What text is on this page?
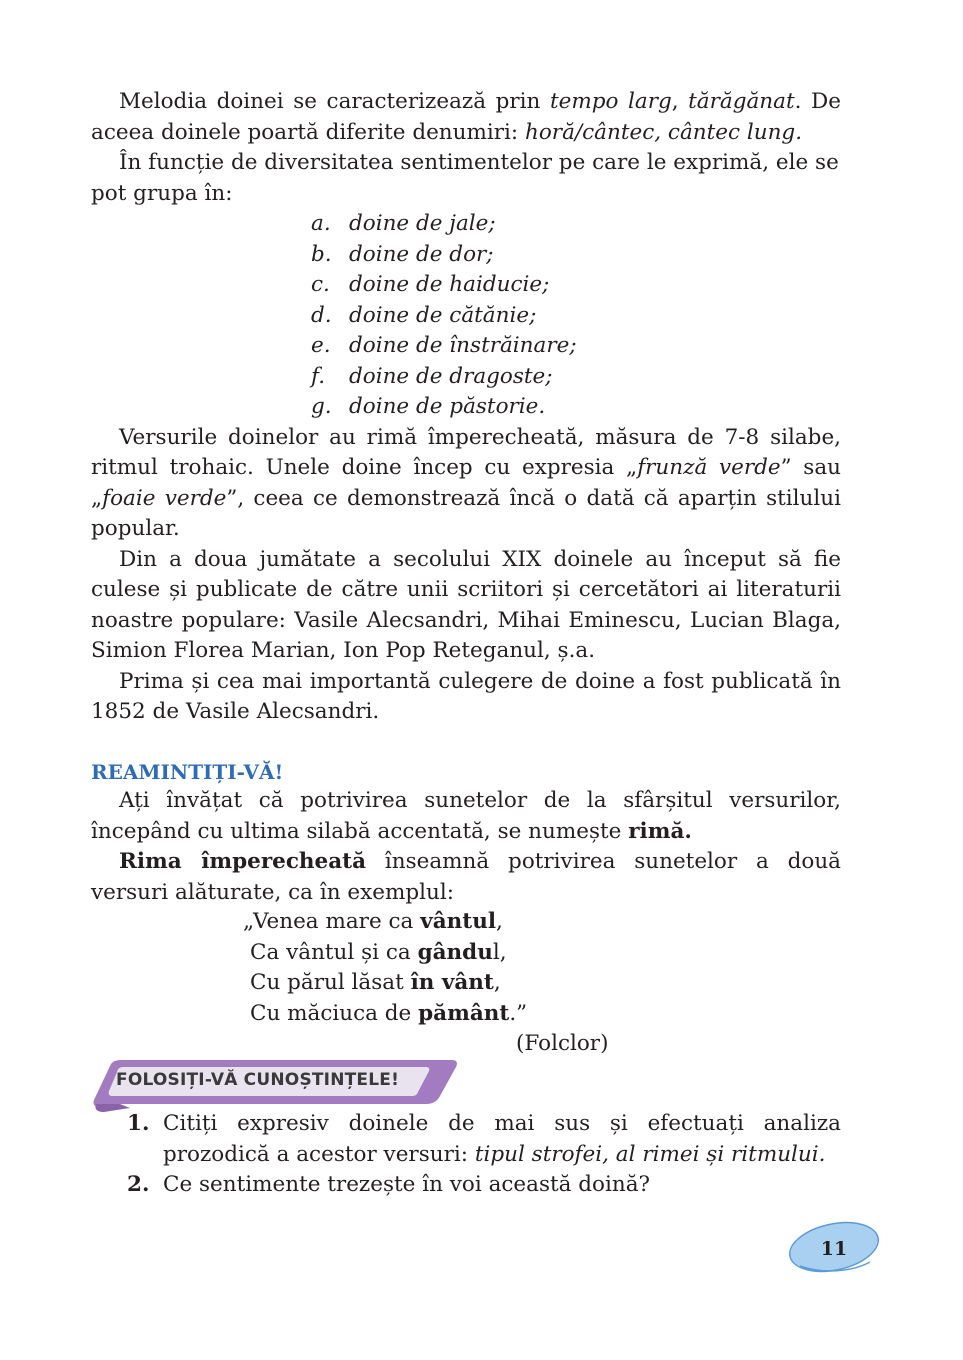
Melodia doinei se caracterizează prin tempo larg, tărăgănat. De aceea doinele poartă diferite denumiri: horă/cântec, cântec lung.

În funcție de diversitatea sentimentelor pe care le exprimă, ele se pot grupa în:

a. doine de jale;
b. doine de dor;
c. doine de haiducie;
d. doine de cătănie;
e. doine de înstrăinare;
f.	doine de dragoste;
g. doine de păstorie.

Versurile doinelor au rimă împerecheată, măsura de 7-8 silabe, ritmul trohaic. Unele doine încep cu expresia „frunză verde” sau „foaie verde”, ceea ce demonstrează încă o dată că aparțin stilului popular.

Din a doua jumătate a secolului XIX doinele au început să fie culese și publicate de către unii scriitori și cercetători ai literaturii noastre populare: Vasile Alecsandri, Mihai Eminescu, Lucian Blaga, Simion Florea Marian, Ion Pop Reteganul, ș.a.

Prima și cea mai importantă culegere de doine a fost publicată în 1852 de Vasile Alecsandri.

REAMINTIȚI-VĂ!

Ați învățat că potrivirea sunetelor de la sfârșitul versurilor, începând cu ultima silabă accentată, se numește rimă.

Rima împerecheată înseamnă potrivirea sunetelor a două versuri alăturate, ca în exemplul:

„Venea mare ca vântul,
Ca vântul și ca gândul,
Cu părul lăsat în vânt,
Cu măciuca de pământ.”
(Folclor)
FOLOSIȚI-VĂ CUNOȘTINȚELE!
1. Citiți expresiv doinele de mai sus și efectuați analiza prozodică a acestor versuri: tipul strofei, al rimei și ritmului.
2. Ce sentimente trezește în voi această doină?
11
